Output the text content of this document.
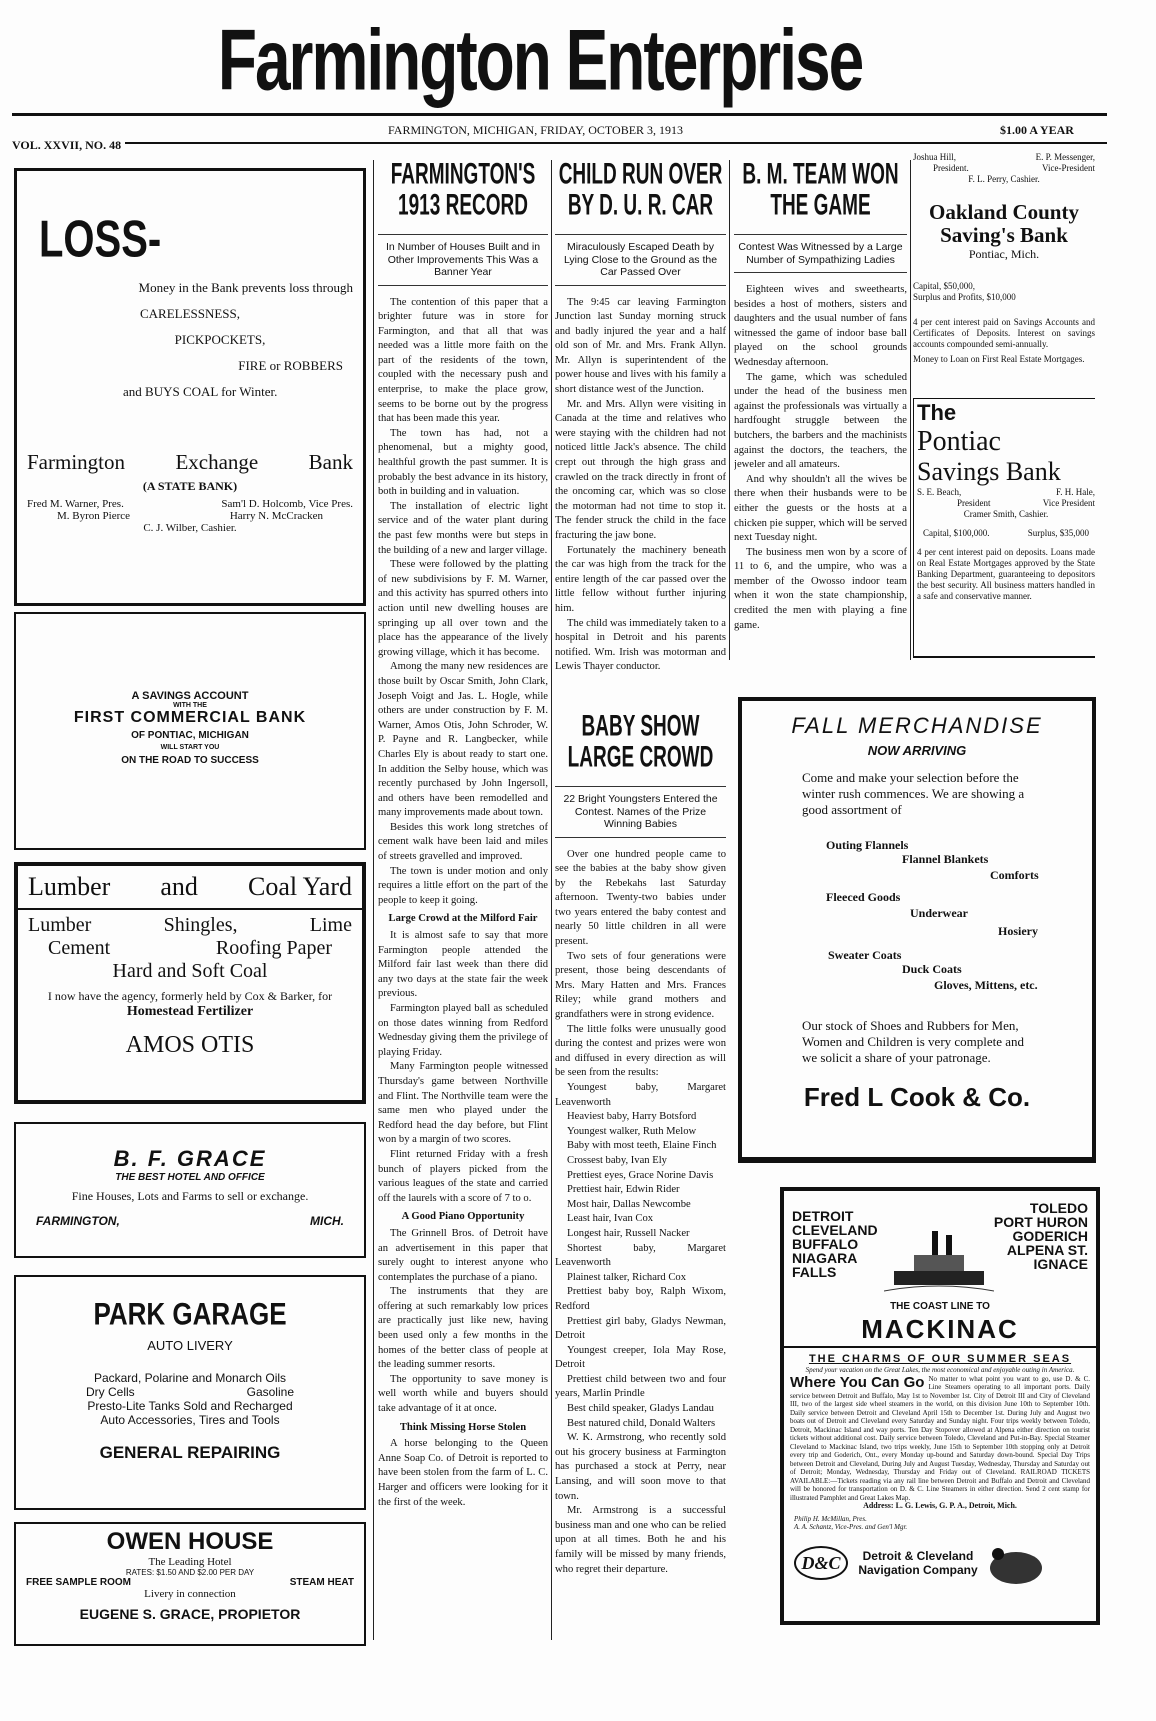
Farmington Enterprise
FARMINGTON, MICHIGAN, FRIDAY, OCTOBER 3, 1913	$1.00 A YEAR
VOL. XXVII, NO. 48
FARMINGTON'S 1913 RECORD
In Number of Houses Built and in Other Improvements This Was a Banner Year

The contention of this paper that a brighter future was in store for Farmington, and that all that was needed was a little more faith on the part of the residents of the town, coupled with the necessary push and enterprise, to make the place grow, seems to be borne out by the progress that has been made this year.

The town has had, not a phenomenal, but a mighty good, healthful growth the past summer. It is probably the best advance in its history, both in building and in valuation.

The installation of electric light service and of the water plant during the past few months were but steps in the building of a new and larger village.

These were followed by the platting of new subdivisions by F. M. Warner, and this activity has spurred others into action until new dwelling houses are springing up all over town and the place has the appearance of the lively growing village, which it has become.

Among the many new residences are those built by Oscar Smith, John Clark, Joseph Voigt and Jas. L. Hogle, while others are under construction by F. M. Warner, Amos Otis, John Schroder, W. P. Payne and R. Langbecker, while Charles Ely is about ready to start one. In addition the Selby house, which was recently purchased by John Ingersoll, and others have been remodelled and many improvements made about town.

Besides this work long stretches of cement walk have been laid and miles of streets gravelled and improved.

The town is under motion and only requires a little effort on the part of the people to keep it going.

Large Crowd at the Milford Fair

It is almost safe to say that more Farmington people attended the Milford fair last week than there did any two days at the state fair the week previous.

Farmington played ball as scheduled on those dates winning from Redford Wednesday giving them the privilege of playing Friday.

Many Farmington people witnessed Thursday's game between Northville and Flint. The Northville team were the same men who played under the Redford head the day before, but Flint won by a margin of two scores.

Flint returned Friday with a fresh bunch of players picked from the various leagues of the state and carried off the laurels with a score of 7 to o.

A Good Piano Opportunity

The Grinnell Bros. of Detroit have an advertisement in this paper that surely ought to interest anyone who contemplates the purchase of a piano.

The instruments that they are offering at such remarkably low prices are practically just like new, having been used only a few months in the homes of the better class of people at the leading summer resorts.

The opportunity to save money is well worth while and buyers should take advantage of it at once.

Think Missing Horse Stolen

A horse belonging to the Queen Anne Soap Co. of Detroit is reported to have been stolen from the farm of L. C. Harger and officers were looking for it the first of the week.

CHILD RUN OVER BY D. U. R. CAR
Miraculously Escaped Death by Lying Close to the Ground as the Car Passed Over

The 9:45 car leaving Farmington Junction last Sunday morning struck and badly injured the year and a half old son of Mr. and Mrs. Frank Allyn. Mr. Allyn is superintendent of the power house and lives with his family a short distance west of the Junction.

Mr. and Mrs. Allyn were visiting in Canada at the time and relatives who were staying with the children had not noticed little Jack's absence. The child crept out through the high grass and crawled on the track directly in front of the oncoming car, which was so close the motorman had not time to stop it. The fender struck the child in the face fracturing the jaw bone.

Fortunately the machinery beneath the car was high from the track for the entire length of the car passed over the little fellow without further injuring him.

The child was immediately taken to a hospital in Detroit and his parents notified. Wm. Irish was motorman and Lewis Thayer conductor.

BABY SHOW LARGE CROWD
22 Bright Youngsters Entered the Contest. Names of the Prize Winning Babies

Over one hundred people came to see the babies at the baby show given by the Rebekahs last Saturday afternoon. Twenty-two babies under two years entered the baby contest and nearly 50 little children in all were present.

Two sets of four generations were present, those being descendants of Mrs. Mary Hatten and Mrs. Frances Riley; while grand mothers and grandfathers were in strong evidence.

The little folks were unusually good during the contest and prizes were won and diffused in every direction as will be seen from the results:

Youngest baby, Margaret Leavenworth

Heaviest baby, Harry Botsford

Youngest walker, Ruth Melow

Baby with most teeth, Elaine Finch

Crossest baby, Ivan Ely

Prettiest eyes, Grace Norine Davis

Prettiest hair, Edwin Rider

Most hair, Dallas Newcombe

Least hair, Ivan Cox

Longest hair, Russell Nacker

Shortest baby, Margaret Leavenworth

Plainest talker, Richard Cox

Prettiest baby boy, Ralph Wixom, Redford

Prettiest girl baby, Gladys Newman, Detroit

Youngest creeper, Iola May Rose, Detroit

Prettiest child between two and four years, Marlin Prindle

Best child speaker, Gladys Landau

Best natured child, Donald Walters

W. K. Armstrong, who recently sold out his grocery business at Farmington has purchased a stock at Perry, near Lansing, and will soon move to that town.

Mr. Armstrong is a successful business man and one who can be relied upon at all times. Both he and his family will be missed by many friends, who regret their departure.

B. M. TEAM WON THE GAME
Contest Was Witnessed by a Large Number of Sympathizing Ladies

Eighteen wives and sweethearts, besides a host of mothers, sisters and daughters and the usual number of fans witnessed the game of indoor base ball played on the school grounds Wednesday afternoon.

The game, which was scheduled under the head of the business men against the professionals was virtually a hardfought struggle between the butchers, the barbers and the machinists against the doctors, the teachers, the jeweler and all amateurs.

And why shouldn't all the wives be there when their husbands were to be either the guests or the hosts at a chicken pie supper, which will be served next Tuesday night.

The business men won by a score of 11 to 6, and the umpire, who was a member of the Owosso indoor team when it won the state championship, credited the men with playing a fine game.

LOSS-
Money in the Bank prevents loss through
CARELESSNESS,
PICKPOCKETS,
FIRE or ROBBERS
and BUYS COAL for Winter.
Farmington Exchange Bank
(A STATE BANK)
Fred M. Warner, Pres.	Sam'l D. Holcomb, Vice Pres.
M. Byron Pierce	Harry N. McCracken
C. J. Wilber, Cashier.
A SAVINGS ACCOUNT
WITH THE
FIRST COMMERCIAL BANK
OF PONTIAC, MICHIGAN
WILL START YOU
ON THE ROAD TO SUCCESS
Lumber and Coal Yard
Lumber	Shingles,	Lime
Cement	Roofing Paper
Hard and Soft Coal
I now have the agency, formerly held by Cox & Barker, for
Homestead Fertilizer
AMOS OTIS
B. F. GRACE
THE BEST HOTEL AND OFFICE
Fine Houses, Lots and Farms to sell or exchange.
FARMINGTON,	MICH.
PARK GARAGE
AUTO LIVERY
Packard, Polarine and Monarch Oils
Dry Cells	Gasoline
Presto-Lite Tanks Sold and Recharged
Auto Accessories, Tires and Tools
GENERAL REPAIRING
OWEN HOUSE
The Leading Hotel
RATES: $1.50 AND $2.00 PER DAY
FREE SAMPLE ROOM	STEAM HEAT
Livery in connection
EUGENE S. GRACE, PROPIETOR
Joshua Hill,	E. P. Messenger,
President.	Vice-President
F. L. Perry, Cashier.
Oakland County Saving's Bank
Pontiac, Mich.
Capital, $50,000,
Surplus and Profits, $10,000
4 per cent interest paid on Savings Accounts and Certificates of Deposits. Interest on savings accounts compounded semi-annually.
Money to Loan on First Real Estate Mortgages.
The
Pontiac
Savings Bank
S. E. Beach,	F. H. Hale,
President	Vice President
Cramer Smith, Cashier.
Capital, $100,000.	Surplus, $35,000
4 per cent interest paid on deposits. Loans made on Real Estate Mortgages approved by the State Banking Department, guaranteeing to depositors the best security. All business matters handled in a safe and conservative manner.
FALL MERCHANDISE
NOW ARRIVING
Come and make your selection before the winter rush commences. We are showing a good assortment of
Outing Flannels
Flannel Blankets
Comforts
Fleeced Goods
Underwear
Hosiery
Sweater Coats
Duck Coats
Gloves, Mittens, etc.
Our stock of Shoes and Rubbers for Men, Women and Children is very complete and we solicit a share of your patronage.
Fred L Cook & Co.
DETROIT CLEVELAND BUFFALO NIAGARA FALLS
TOLEDO PORT HURON GODERICH ALPENA ST. IGNACE
THE COAST LINE TO
MACKINAC
THE CHARMS OF OUR SUMMER SEAS
Spend your vacation on the Great Lakes, the most economical and enjoyable outing in America.
Where You Can Go No matter to what point you want to go, use D. & C. Line Steamers operating to all important ports. Daily service between Detroit and Buffalo, May 1st to November 1st. City of Detroit III and City of Cleveland III, two of the largest side wheel steamers in the world, on this division June 10th to September 10th. Daily service between Detroit and Cleveland April 15th to December 1st. During July and August two boats out of Detroit and Cleveland every Saturday and Sunday night. Four trips weekly between Toledo, Detroit, Mackinac Island and way ports. Ten Day Stopover allowed at Alpena either direction on tourist tickets without additional cost. Daily service between Toledo, Cleveland and Put-in-Bay. Special Steamer Cleveland to Mackinac Island, two trips weekly, June 15th to September 10th stopping only at Detroit every trip and Goderich, Ont., every Monday up-bound and Saturday down-bound. Special Day Trips between Detroit and Cleveland, During July and August Tuesday, Wednesday, Thursday and Saturday out of Detroit; Monday, Wednesday, Thursday and Friday out of Cleveland. RAILROAD TICKETS AVAILABLE:—Tickets reading via any rail line between Detroit and Buffalo and Detroit and Cleveland will be honored for transportation on D. & C. Line Steamers in either direction. Send 2 cent stamp for illustrated Pamphlet and Great Lakes Map.
Address: L. G. Lewis, G. P. A., Detroit, Mich.
Philip H. McMillan, Pres.
A. A. Schantz, Vice-Pres. and Gen'l Mgr.
D&C	Detroit & Cleveland Navigation Company
